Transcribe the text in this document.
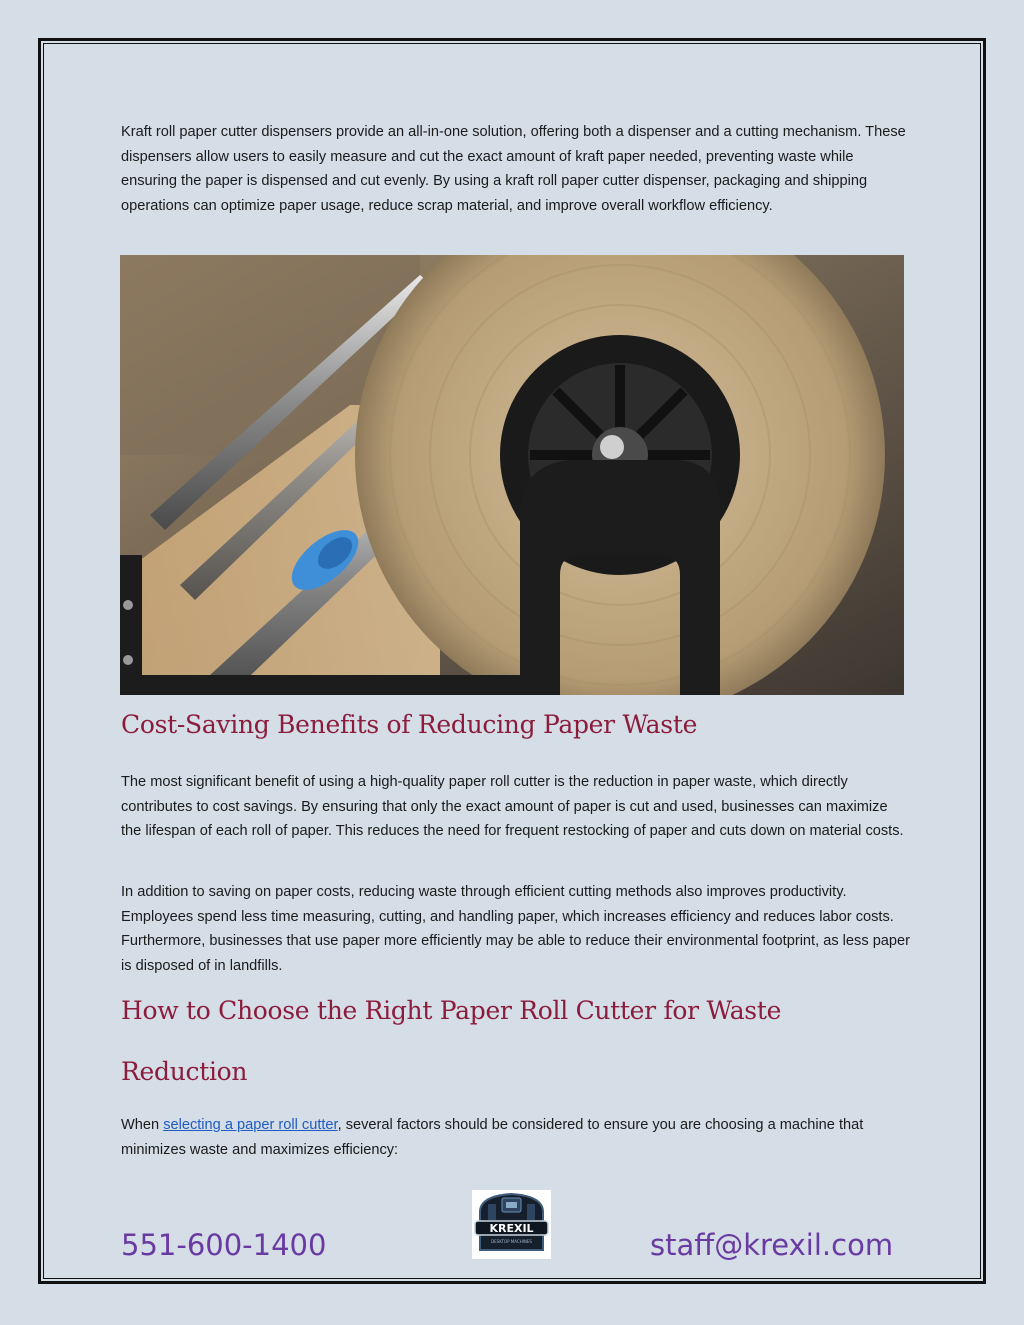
Kraft roll paper cutter dispensers provide an all-in-one solution, offering both a dispenser and a cutting mechanism. These dispensers allow users to easily measure and cut the exact amount of kraft paper needed, preventing waste while ensuring the paper is dispensed and cut evenly. By using a kraft roll paper cutter dispenser, packaging and shipping operations can optimize paper usage, reduce scrap material, and improve overall workflow efficiency.

Cost-Saving Benefits of Reducing Paper Waste

The most significant benefit of using a high-quality paper roll cutter is the reduction in paper waste, which directly contributes to cost savings. By ensuring that only the exact amount of paper is cut and used, businesses can maximize the lifespan of each roll of paper. This reduces the need for frequent restocking of paper and cuts down on material costs.

In addition to saving on paper costs, reducing waste through efficient cutting methods also improves productivity. Employees spend less time measuring, cutting, and handling paper, which increases efficiency and reduces labor costs. Furthermore, businesses that use paper more efficiently may be able to reduce their environmental footprint, as less paper is disposed of in landfills.

How to Choose the Right Paper Roll Cutter for Waste
Reduction

When selecting a paper roll cutter, several factors should be considered to ensure you are choosing a machine that minimizes waste and maximizes efficiency:

551-600-1400	KREXIL
DESKTOP MACHINES	staff@krexil.com
